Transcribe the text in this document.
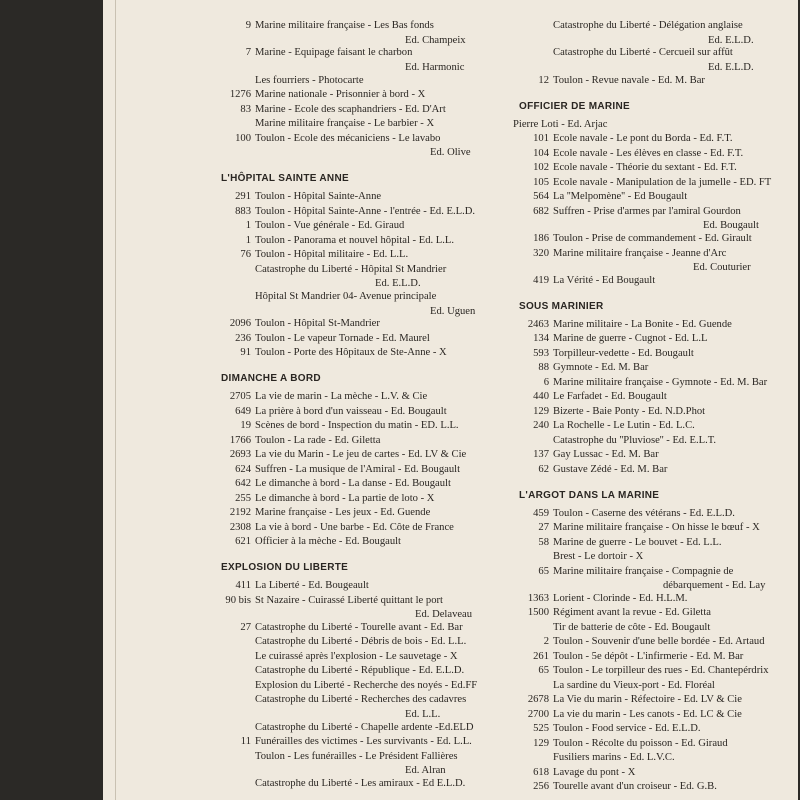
9 Marine militaire française - Les Bas fonds
Ed. Champeix
7 Marine - Equipage faisant le charbon
Ed. Harmonic
Les fourriers - Photocarte
1276 Marine nationale - Prisonnier à bord - X
83 Marine - Ecole des scaphandriers - Ed. D'Art
Marine militaire française - Le barbier - X
100 Toulon - Ecole des mécaniciens - Le lavabo
Ed. Olive
L'HÔPITAL SAINTE ANNE
291 Toulon - Hôpital Sainte-Anne
883 Toulon - Hôpital Sainte-Anne - l'entrée - Ed. E.L.D.
1 Toulon - Vue générale - Ed. Giraud
1 Toulon - Panorama et nouvel hôpital - Ed. L.L.
76 Toulon - Hôpital militaire - Ed. L.L.
Catastrophe du Liberté - Hôpital St Mandrier
Ed. E.L.D.
Hôpital St Mandrier 04- Avenue principale
Ed. Uguen
2096 Toulon - Hôpital St-Mandrier
236 Toulon - Le vapeur Tornade - Ed. Maurel
91 Toulon - Porte des Hôpitaux de Ste-Anne - X
DIMANCHE A BORD
2705 La vie de marin - La mèche - L.V. & Cie
649 La prière à bord d'un vaisseau - Ed. Bougault
19 Scènes de bord - Inspection du matin - ED. L.L.
1766 Toulon - La rade - Ed. Giletta
2693 La vie du Marin - Le jeu de cartes - Ed. LV & Cie
624 Suffren - La musique de l'Amiral - Ed. Bougault
642 Le dimanche à bord - La danse - Ed. Bougault
255 Le dimanche à bord - La partie de loto - X
2192 Marine française - Les jeux - Ed. Guende
2308 La vie à bord - Une barbe - Ed. Côte de France
621 Officier à la mèche - Ed. Bougault
EXPLOSION DU LIBERTE
411 La Liberté - Ed. Bougeault
90 bis St Nazaire - Cuirassé Liberté quittant le port
Ed. Delaveau
27 Catastrophe du Liberté - Tourelle avant - Ed. Bar
Catastrophe du Liberté - Débris de bois - Ed. L.L.
Le cuirassé après l'explosion - Le sauvetage - X
Catastrophe du Liberté - République - Ed. E.L.D.
Explosion du Liberté - Recherche des noyés - Ed.FF
Catastrophe du Liberté - Recherches des cadavres
Ed. L.L.
Catastrophe du Liberté - Chapelle ardente -Ed.ELD
11 Funérailles des victimes - Les survivants - Ed. L.L.
Toulon - Les funérailles - Le Président Fallières
Ed. Alran
Catastrophe du Liberté - Les amiraux - Ed E.L.D.
Catastrophe du Liberté - Délégation anglaise
Ed. E.L.D.
Catastrophe du Liberté - Cercueil sur affût
Ed. E.L.D.
12 Toulon - Revue navale - Ed. M. Bar
OFFICIER DE MARINE
Pierre Loti - Ed. Arjac
101 Ecole navale - Le pont du Borda - Ed. F.T.
104 Ecole navale - Les élèves en classe - Ed. F.T.
102 Ecole navale - Théorie du sextant - Ed. F.T.
105 Ecole navale - Manipulation de la jumelle - ED. FT
564 La ''Melpomène'' - Ed Bougault
682 Suffren - Prise d'armes par l'amiral Gourdon
Ed. Bougault
186 Toulon - Prise de commandement - Ed. Girault
320 Marine militaire française - Jeanne d'Arc
Ed. Couturier
419 La Vérité - Ed Bougault
SOUS MARINIER
2463 Marine militaire - La Bonite - Ed. Guende
134 Marine de guerre - Cugnot - Ed. L.L
593 Torpilleur-vedette - Ed. Bougault
88 Gymnote - Ed. M. Bar
6 Marine militaire française - Gymnote - Ed. M. Bar
440 Le Farfadet - Ed. Bougault
129 Bizerte - Baie Ponty - Ed. N.D.Phot
240 La Rochelle - Le Lutin - Ed. L.C.
Catastrophe du ''Pluviose'' - Ed. E.L.T.
137 Gay Lussac - Ed. M. Bar
62 Gustave Zédé - Ed. M. Bar
L'ARGOT DANS LA MARINE
459 Toulon - Caserne des vétérans - Ed. E.L.D.
27 Marine militaire française - On hisse le bœuf - X
58 Marine de guerre - Le bouvet - Ed. L.L.
Brest - Le dortoir - X
65 Marine militaire française - Compagnie de
débarquement - Ed. Lay
1363 Lorient - Clorinde - Ed. H.L.M.
1500 Régiment avant la revue - Ed. Giletta
Tir de batterie de côte - Ed. Bougault
2 Toulon - Souvenir d'une belle bordée - Ed. Artaud
261 Toulon - 5e dépôt - L'infirmerie - Ed. M. Bar
65 Toulon - Le torpilleur des rues - Ed. Chantepérdrix
La sardine du Vieux-port - Ed. Floréal
2678 La Vie du marin - Réfectoire - Ed. LV & Cie
2700 La vie du marin - Les canots - Ed. LC & Cie
525 Toulon - Food service - Ed. E.L.D.
129 Toulon - Récolte du poisson - Ed. Giraud
Fusiliers marins - Ed. L.V.C.
618 Lavage du pont - X
256 Tourelle avant d'un croiseur - Ed. G.B.
